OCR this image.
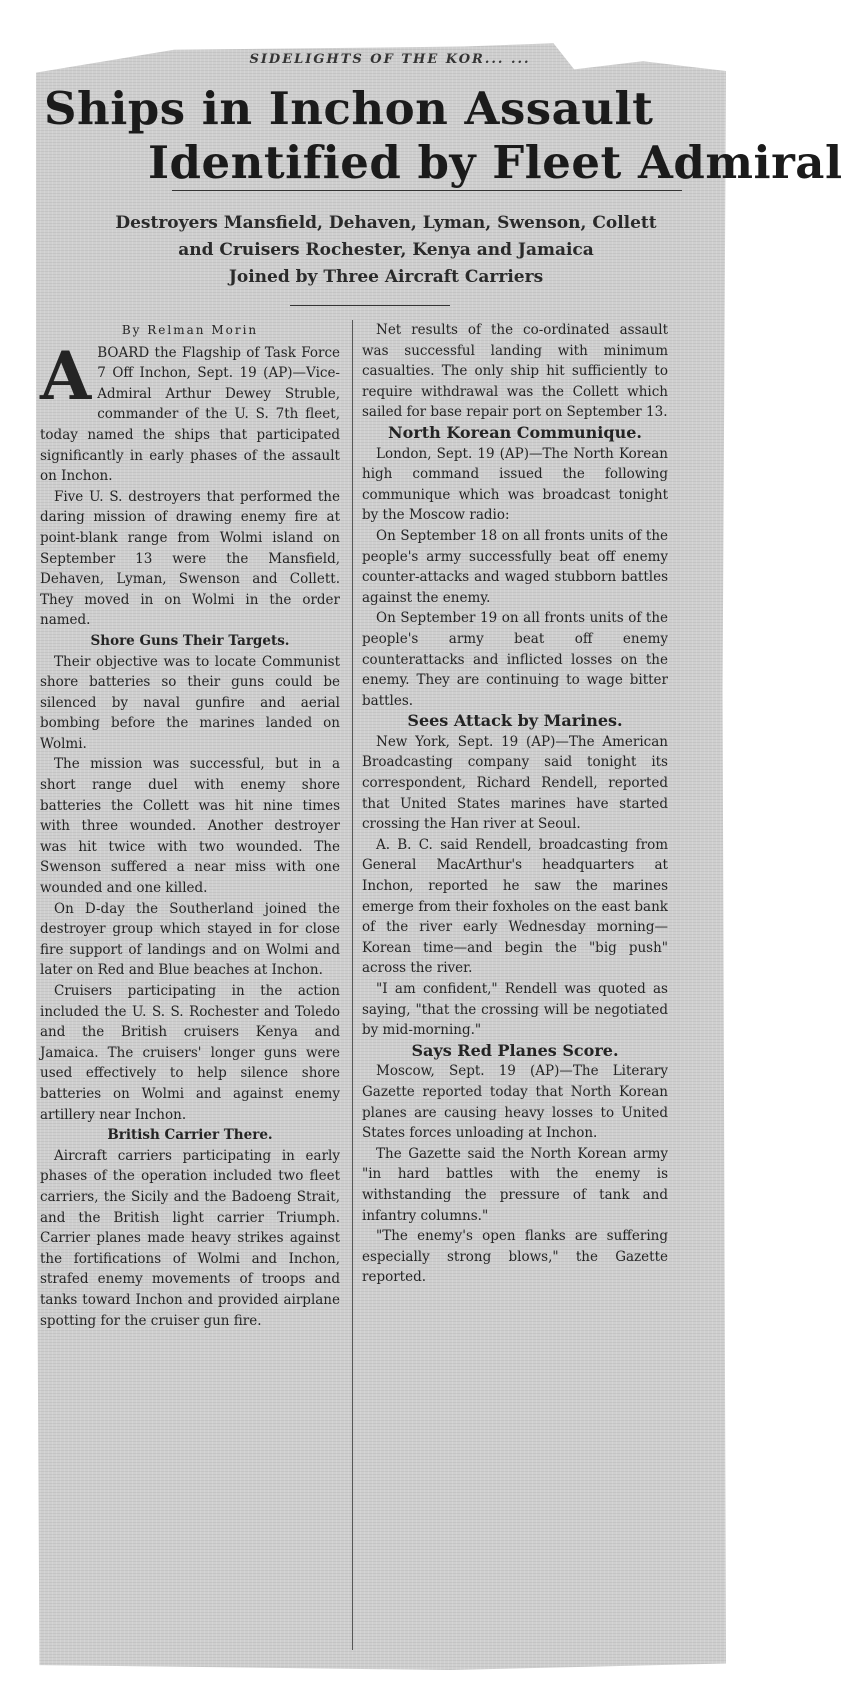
SIDELIGHTS OF THE KOR... ...
Ships in Inchon Assault
Identified by Fleet Admiral
Destroyers Mansfield, Dehaven, Lyman, Swenson, Collett
and Cruisers Rochester, Kenya and Jamaica
Joined by Three Aircraft Carriers
By Relman Morin

ABOARD the Flagship of Task Force 7 Off Inchon, Sept. 19 (AP)—Vice-Admiral Arthur Dewey Struble, commander of the U. S. 7th fleet, today named the ships that participated significantly in early phases of the assault on Inchon.

Five U. S. destroyers that performed the daring mission of drawing enemy fire at point-blank range from Wolmi island on September 13 were the Mansfield, Dehaven, Lyman, Swenson and Collett. They moved in on Wolmi in the order named.

Shore Guns Their Targets.

Their objective was to locate Communist shore batteries so their guns could be silenced by naval gunfire and aerial bombing before the marines landed on Wolmi.

The mission was successful, but in a short range duel with enemy shore batteries the Collett was hit nine times with three wounded. Another destroyer was hit twice with two wounded. The Swenson suffered a near miss with one wounded and one killed.

On D-day the Southerland joined the destroyer group which stayed in for close fire support of landings and on Wolmi and later on Red and Blue beaches at Inchon.

Cruisers participating in the action included the U. S. S. Rochester and Toledo and the British cruisers Kenya and Jamaica. The cruisers' longer guns were used effectively to help silence shore batteries on Wolmi and against enemy artillery near Inchon.

British Carrier There.

Aircraft carriers participating in early phases of the operation included two fleet carriers, the Sicily and the Badoeng Strait, and the British light carrier Triumph. Carrier planes made heavy strikes against the fortifications of Wolmi and Inchon, strafed enemy movements of troops and tanks toward Inchon and provided airplane spotting for the cruiser gun fire.

Net results of the co-ordinated assault was successful landing with minimum casualties. The only ship hit sufficiently to require withdrawal was the Collett which sailed for base repair port on September 13.

North Korean Communique.

London, Sept. 19 (AP)—The North Korean high command issued the following communique which was broadcast tonight by the Moscow radio:

On September 18 on all fronts units of the people's army successfully beat off enemy counter-attacks and waged stubborn battles against the enemy.

On September 19 on all fronts units of the people's army beat off enemy counterattacks and inflicted losses on the enemy. They are continuing to wage bitter battles.

Sees Attack by Marines.

New York, Sept. 19 (AP)—The American Broadcasting company said tonight its correspondent, Richard Rendell, reported that United States marines have started crossing the Han river at Seoul.

A. B. C. said Rendell, broadcasting from General MacArthur's headquarters at Inchon, reported he saw the marines emerge from their foxholes on the east bank of the river early Wednesday morning—Korean time—and begin the "big push" across the river.

"I am confident," Rendell was quoted as saying, "that the crossing will be negotiated by mid-morning."

Says Red Planes Score.

Moscow, Sept. 19 (AP)—The Literary Gazette reported today that North Korean planes are causing heavy losses to United States forces unloading at Inchon.

The Gazette said the North Korean army "in hard battles with the enemy is withstanding the pressure of tank and infantry columns."

"The enemy's open flanks are suffering especially strong blows," the Gazette reported.
